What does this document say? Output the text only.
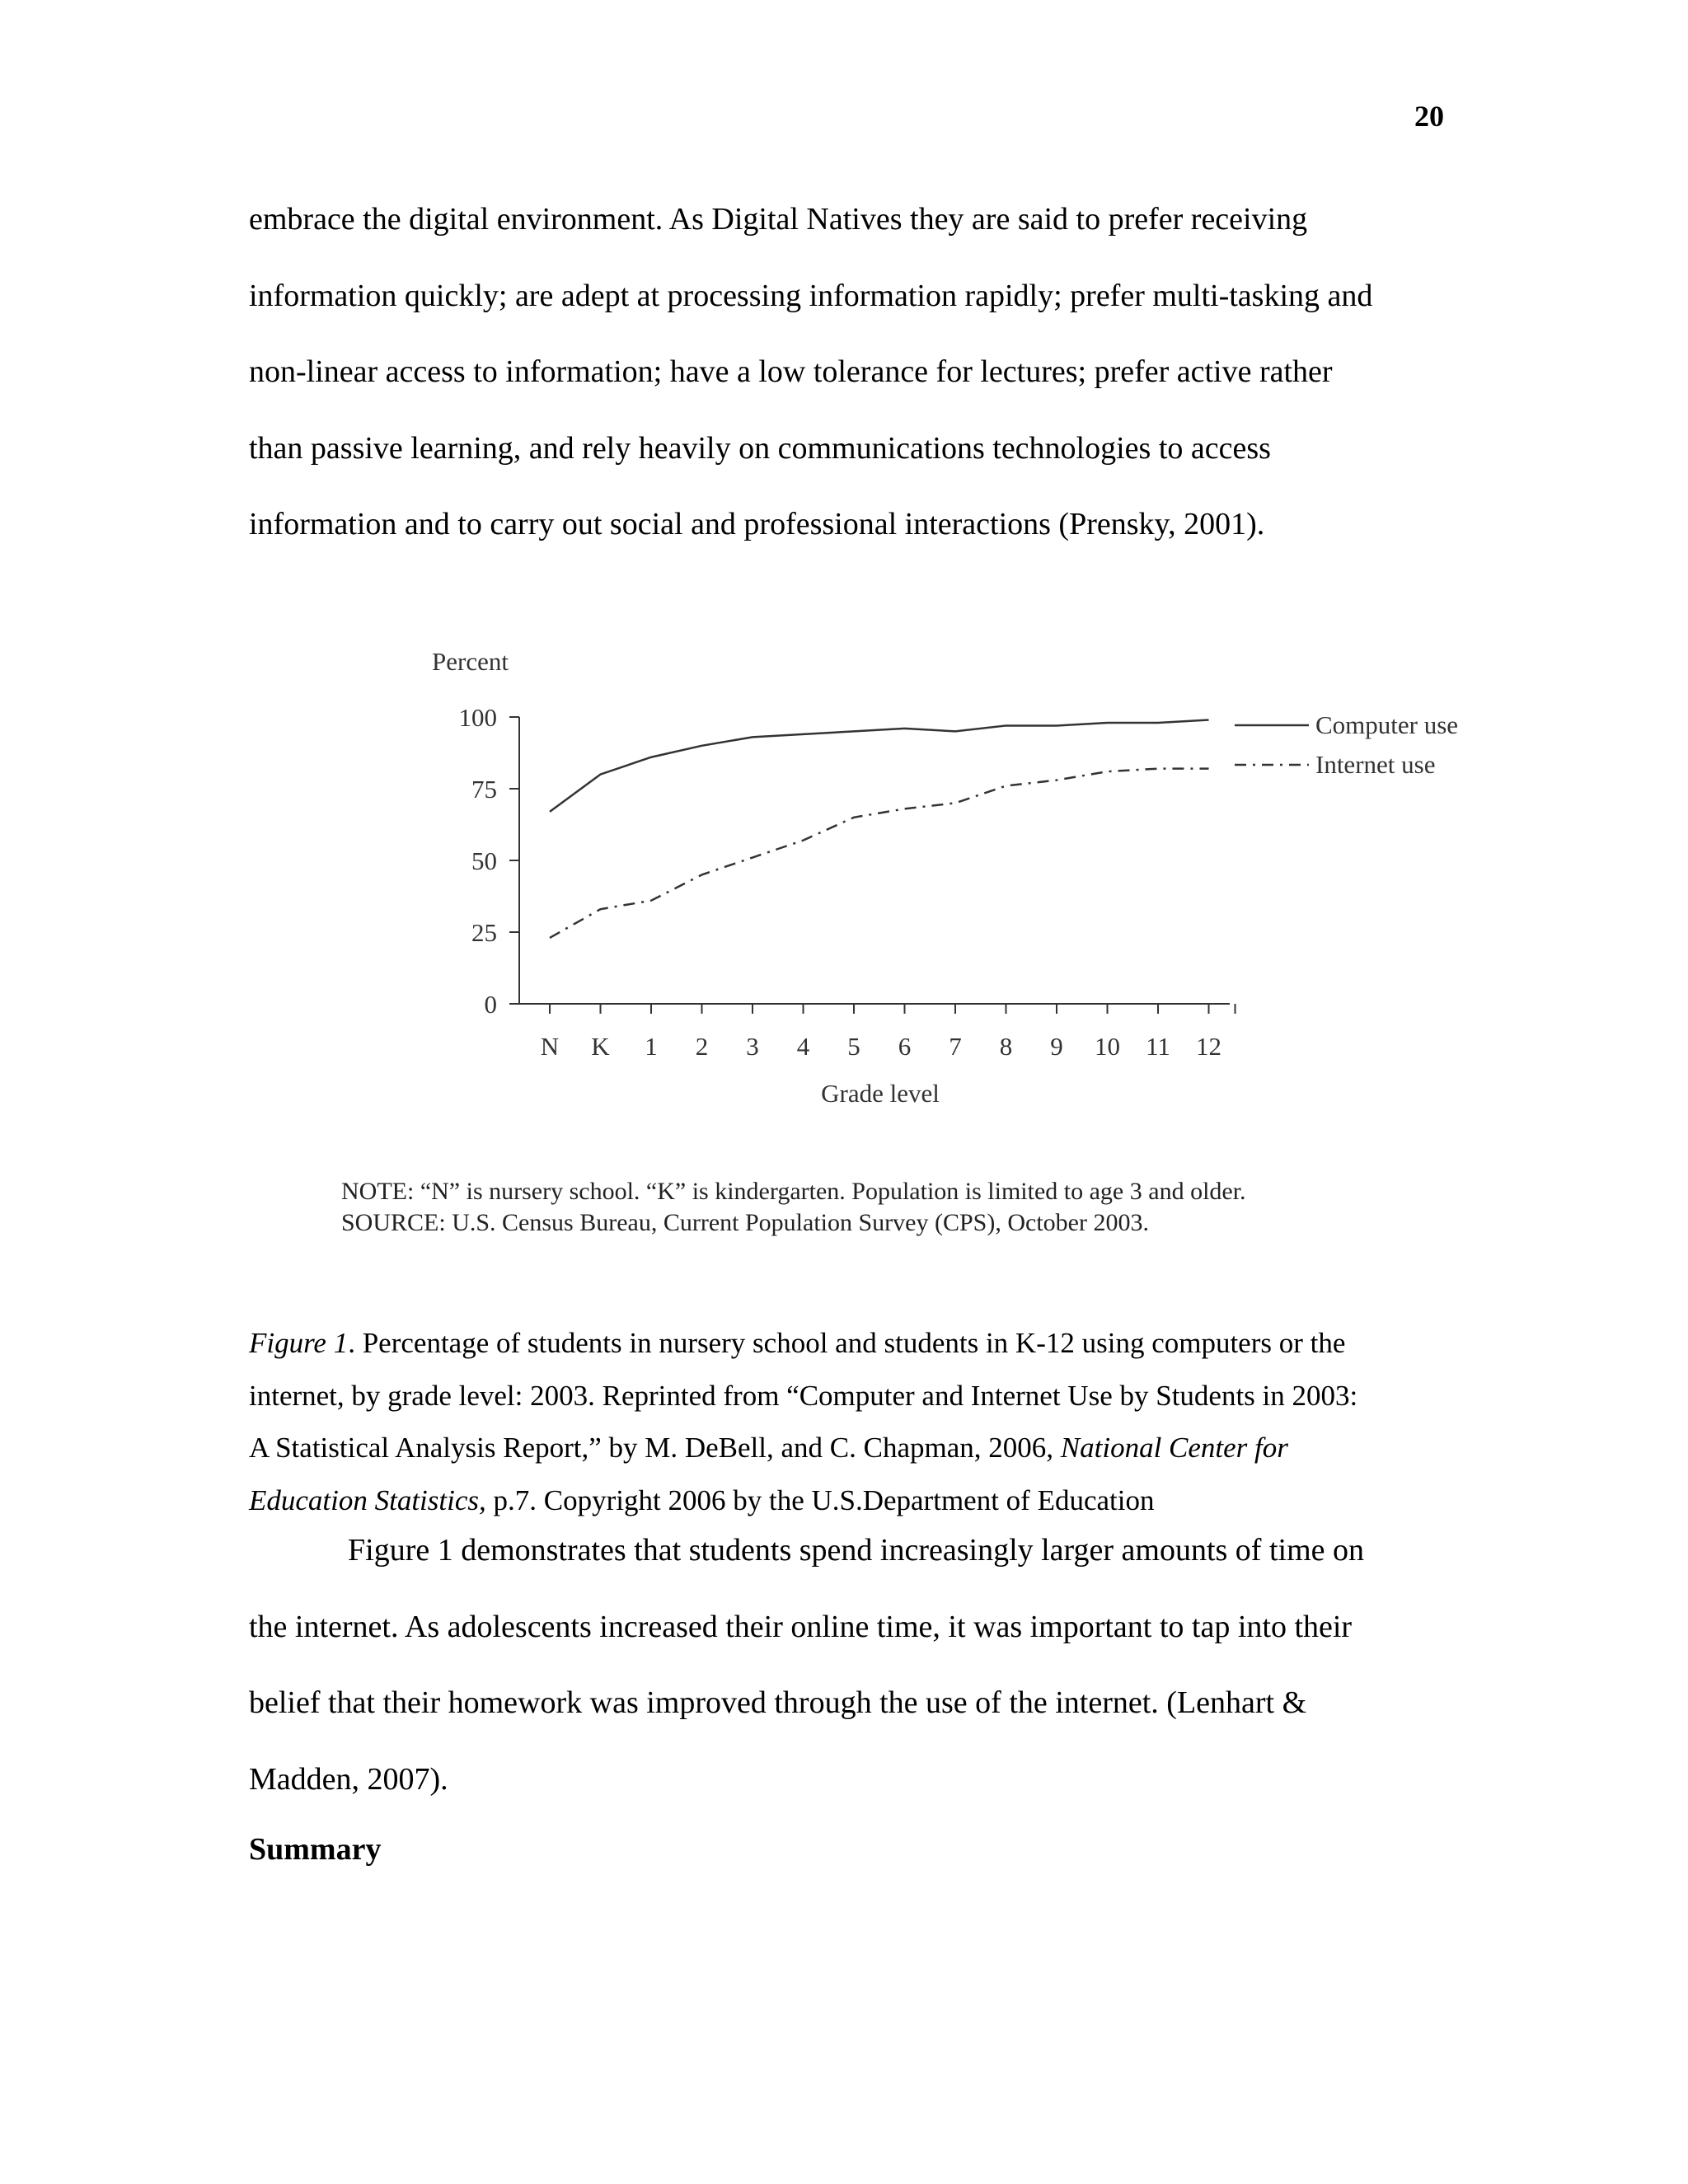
20

embrace the digital environment. As Digital Natives they are said to prefer receiving
information quickly; are adept at processing information rapidly; prefer multi-tasking and
non-linear access to information; have a low tolerance for lectures; prefer active rather
than passive learning, and rely heavily on communications technologies to access
information and to carry out social and professional interactions (Prensky, 2001).

Percent
Grade level
0
25
50
75
100
N K 1 2 3 4 5 6 7 8 9 10 11 12
Computer use
Internet use
NOTE: “N” is nursery school. “K” is kindergarten. Population is limited to age 3 and older.
SOURCE: U.S. Census Bureau, Current Population Survey (CPS), October 2003.

Figure 1. Percentage of students in nursery school and students in K-12 using computers or the
internet, by grade level: 2003. Reprinted from “Computer and Internet Use by Students in 2003:
A Statistical Analysis Report,” by M. DeBell, and C. Chapman, 2006, National Center for
Education Statistics, p.7. Copyright 2006 by the U.S.Department of Education

Figure 1 demonstrates that students spend increasingly larger amounts of time on
the internet. As adolescents increased their online time, it was important to tap into their
belief that their homework was improved through the use of the internet. (Lenhart &
Madden, 2007).

Summary
